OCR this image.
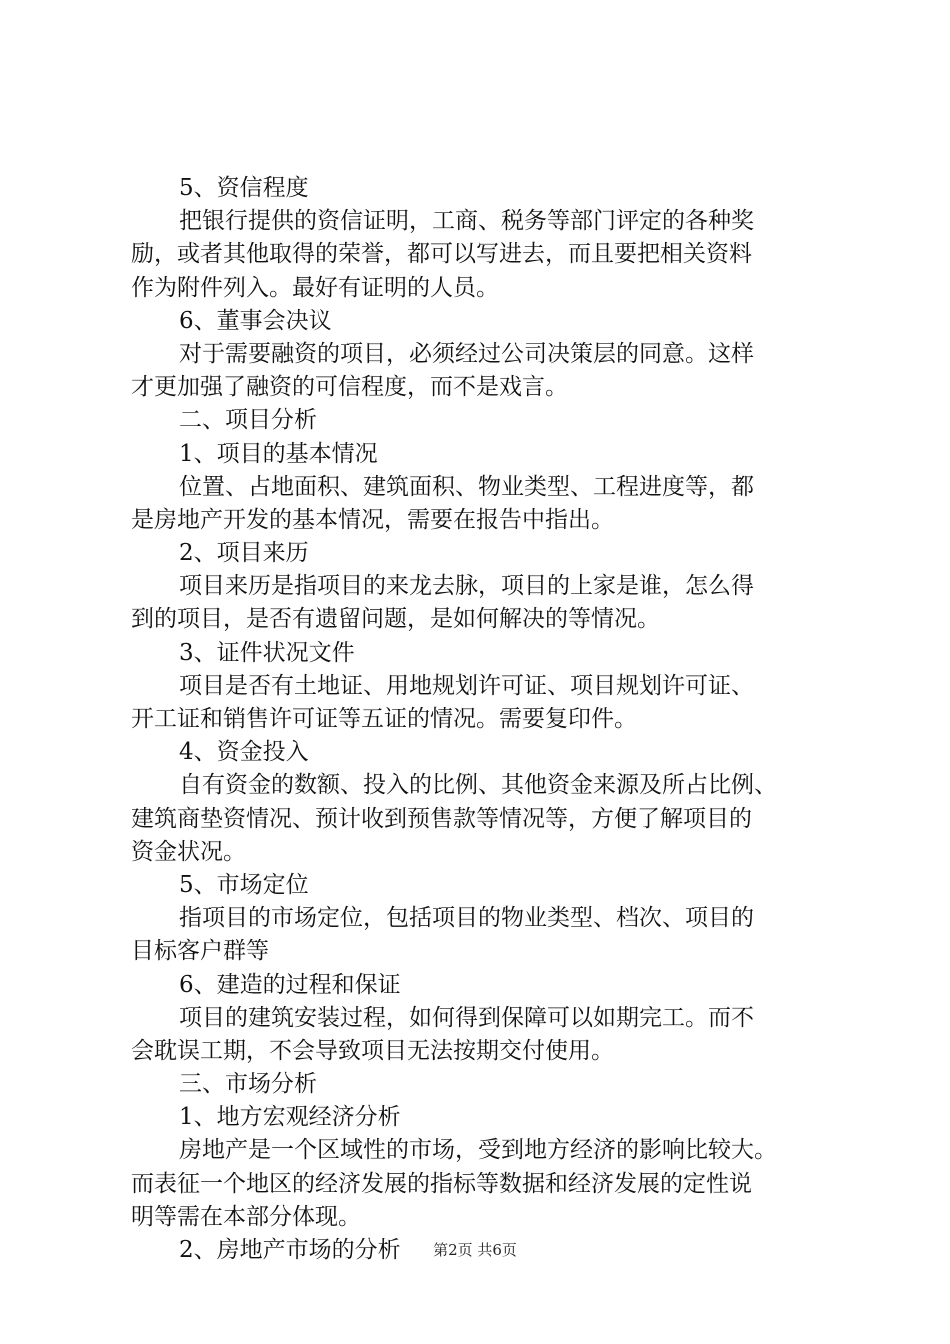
5、资信程度
把银行提供的资信证明，工商、税务等部门评定的各种奖
励，或者其他取得的荣誉，都可以写进去，而且要把相关资料
作为附件列入。最好有证明的人员。
6、董事会决议
对于需要融资的项目，必须经过公司决策层的同意。这样
才更加强了融资的可信程度，而不是戏言。
二、项目分析
1、项目的基本情况
位置、占地面积、建筑面积、物业类型、工程进度等，都
是房地产开发的基本情况，需要在报告中指出。
2、项目来历
项目来历是指项目的来龙去脉，项目的上家是谁，怎么得
到的项目，是否有遗留问题，是如何解决的等情况。
3、证件状况文件
项目是否有土地证、用地规划许可证、项目规划许可证、
开工证和销售许可证等五证的情况。需要复印件。
4、资金投入
自有资金的数额、投入的比例、其他资金来源及所占比例、
建筑商垫资情况、预计收到预售款等情况等，方便了解项目的
资金状况。
5、市场定位
指项目的市场定位，包括项目的物业类型、档次、项目的
目标客户群等
6、建造的过程和保证
项目的建筑安装过程，如何得到保障可以如期完工。而不
会耽误工期，不会导致项目无法按期交付使用。
三、市场分析
1、地方宏观经济分析
房地产是一个区域性的市场，受到地方经济的影响比较大。
而表征一个地区的经济发展的指标等数据和经济发展的定性说
明等需在本部分体现。
2、房地产市场的分析	第2页 共6页
